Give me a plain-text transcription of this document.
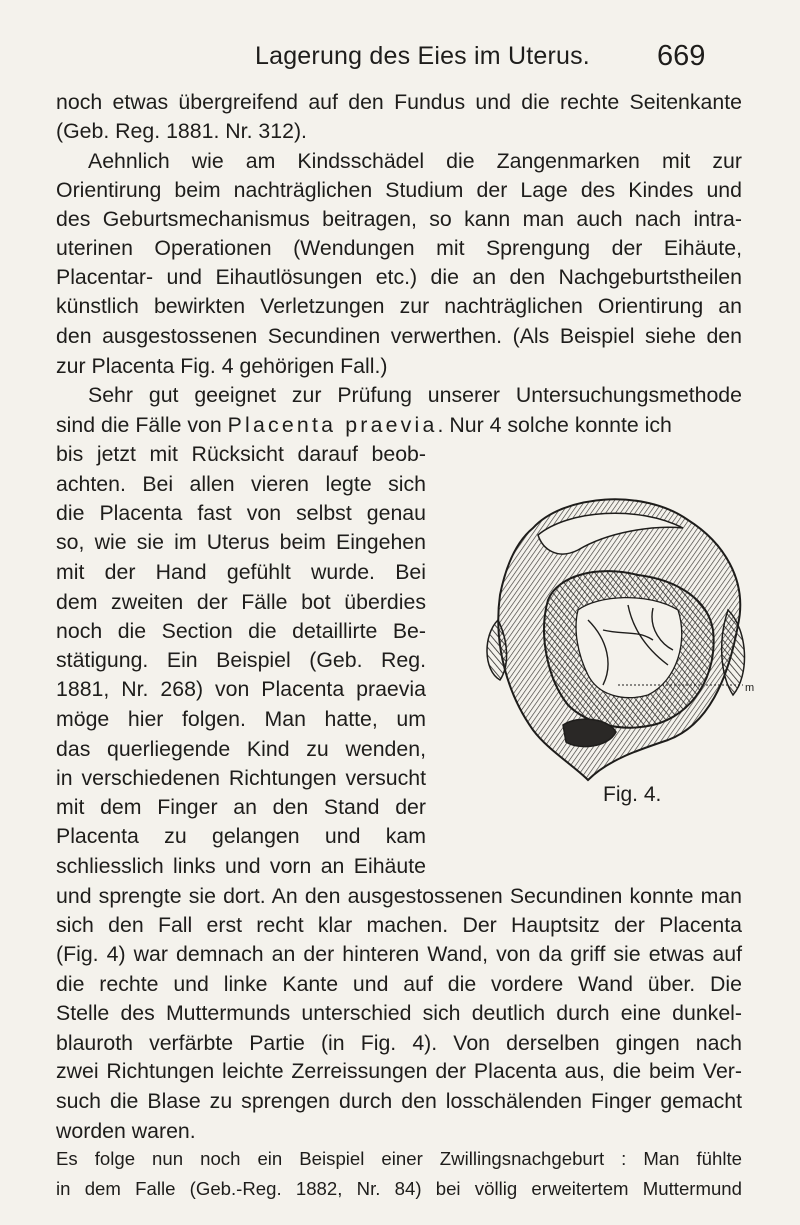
Lagerung des Eies im Uterus. 669
noch etwas übergreifend auf den Fundus und die rechte Seitenkante
(Geb. Reg. 1881. Nr. 312).
Aehnlich wie am Kindsschädel die Zangenmarken mit zur
Orientirung beim nachträglichen Studium der Lage des Kindes und
des Geburtsmechanismus beitragen, so kann man auch nach intra-
uterinen Operationen (Wendungen mit Sprengung der Eihäute,
Placentar- und Eihautlösungen etc.) die an den Nachgeburtstheilen
künstlich bewirkten Verletzungen zur nachträglichen Orientirung an
den ausgestossenen Secundinen verwerthen. (Als Beispiel siehe den
zur Placenta Fig. 4 gehörigen Fall.)
Sehr gut geeignet zur Prüfung unserer Untersuchungsmethode
sind die Fälle von Placenta praevia. Nur 4 solche konnte ich
bis jetzt mit Rücksicht darauf beob-
achten. Bei allen vieren legte sich
die Placenta fast von selbst genau
so, wie sie im Uterus beim Eingehen
mit der Hand gefühlt wurde. Bei
dem zweiten der Fälle bot überdies
noch die Section die detaillirte Be-
stätigung. Ein Beispiel (Geb. Reg.
1881, Nr. 268) von Placenta praevia
möge hier folgen. Man hatte, um
das querliegende Kind zu wenden,
in verschiedenen Richtungen versucht
mit dem Finger an den Stand der
Placenta zu gelangen und kam
schliesslich links und vorn an Eihäute
und sprengte sie dort. An den ausgestossenen Secundinen konnte man
sich den Fall erst recht klar machen. Der Hauptsitz der Placenta
(Fig. 4) war demnach an der hinteren Wand, von da griff sie etwas auf
die rechte und linke Kante und auf die vordere Wand über. Die
Stelle des Muttermunds unterschied sich deutlich durch eine dunkel-
blauroth verfärbte Partie (in Fig. 4). Von derselben gingen nach
zwei Richtungen leichte Zerreissungen der Placenta aus, die beim Ver-
such die Blase zu sprengen durch den losschälenden Finger gemacht
worden waren.
Es folge nun noch ein Beispiel einer Zwillingsnachgeburt : Man fühlte
m
Fig. 4.
in dem Falle (Geb.-Reg. 1882, Nr. 84) bei völlig erweitertem Muttermund
